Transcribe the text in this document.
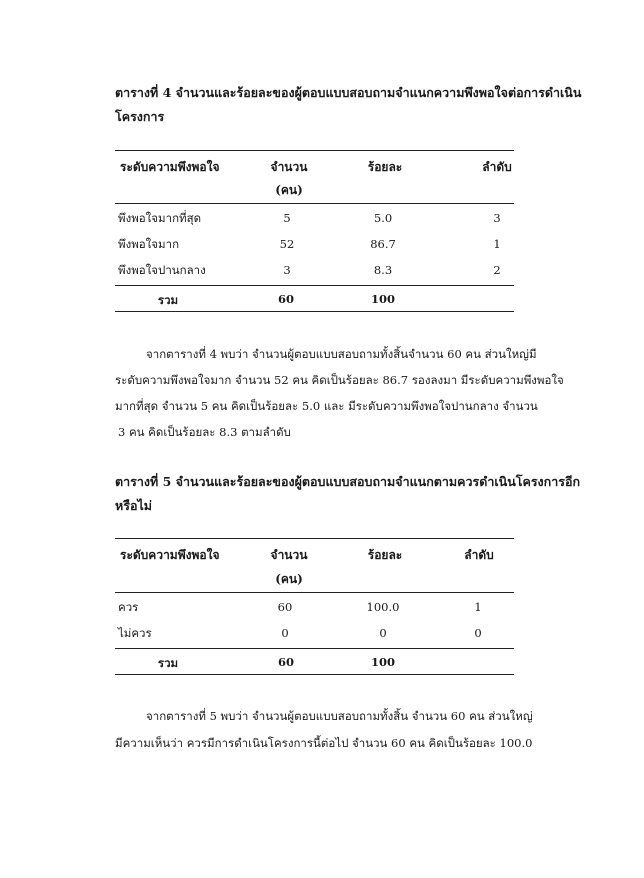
ตารางที่ 4 จำนวนและร้อยละของผู้ตอบแบบสอบถามจำแนกความพึงพอใจต่อการดำเนิน
โครงการ
ระดับความพึงพอใจ	จำนวน	ร้อยละ	ลำดับ
(คน)
พึงพอใจมากที่สุด	5	5.0	3
พึงพอใจมาก	52	86.7	1
พึงพอใจปานกลาง	3	8.3	2
รวม	60	100
จากตารางที่ 4 พบว่า จำนวนผู้ตอบแบบสอบถามทั้งสิ้นจำนวน 60 คน ส่วนใหญ่มี
ระดับความพึงพอใจมาก จำนวน 52 คน คิดเป็นร้อยละ 86.7 รองลงมา มีระดับความพึงพอใจ
มากที่สุด จำนวน 5 คน คิดเป็นร้อยละ 5.0 และ มีระดับความพึงพอใจปานกลาง จำนวน
3 คน คิดเป็นร้อยละ 8.3 ตามลำดับ
ตารางที่ 5 จำนวนและร้อยละของผู้ตอบแบบสอบถามจำแนกตามควรดำเนินโครงการอีก
หรือไม่
ระดับความพึงพอใจ	จำนวน	ร้อยละ	ลำดับ
(คน)
ควร	60	100.0	1
ไม่ควร	0	0	0
รวม	60	100
จากตารางที่ 5 พบว่า จำนวนผู้ตอบแบบสอบถามทั้งสิ้น จำนวน 60 คน ส่วนใหญ่
มีความเห็นว่า ควรมีการดำเนินโครงการนี้ต่อไป จำนวน 60 คน คิดเป็นร้อยละ 100.0
